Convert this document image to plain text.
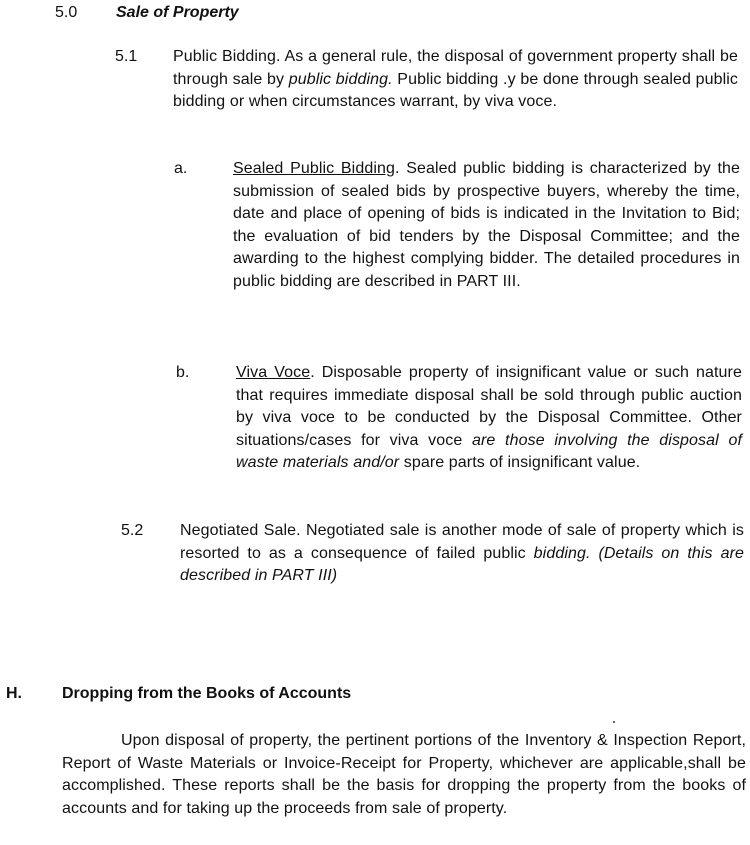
5.0 Sale of Property
5.1 Public Bidding. As a general rule, the disposal of government property shall be through sale by public bidding. Public bidding .y be done through sealed public bidding or when circumstances warrant, by viva voce.
a.	Sealed Public Bidding. Sealed public bidding is characterized by the submission of sealed bids by prospective buyers, whereby the time, date and place of opening of bids is indicated in the Invitation to Bid; the evaluation of bid tenders by the Disposal Committee; and the awarding to the highest complying bidder. The detailed procedures in public bidding are described in PART III.
b.	Viva Voce. Disposable property of insignificant value or such nature that requires immediate disposal shall be sold through public auction by viva voce to be conducted by the Disposal Committee. Other situations/cases for viva voce are those involving the disposal of waste materials and/or spare parts of insignificant value.
5.2 Negotiated Sale. Negotiated sale is another mode of sale of property which is resorted to as a consequence of failed public bidding. (Details on this are described in PART III)
H.	Dropping from the Books of Accounts
Upon disposal of property, the pertinent portions of the Inventory & Inspection Report, Report of Waste Materials or Invoice-Receipt for Property, whichever are applicable,shall be accomplished. These reports shall be the basis for dropping the property from the books of accounts and for taking up the proceeds from sale of property.
